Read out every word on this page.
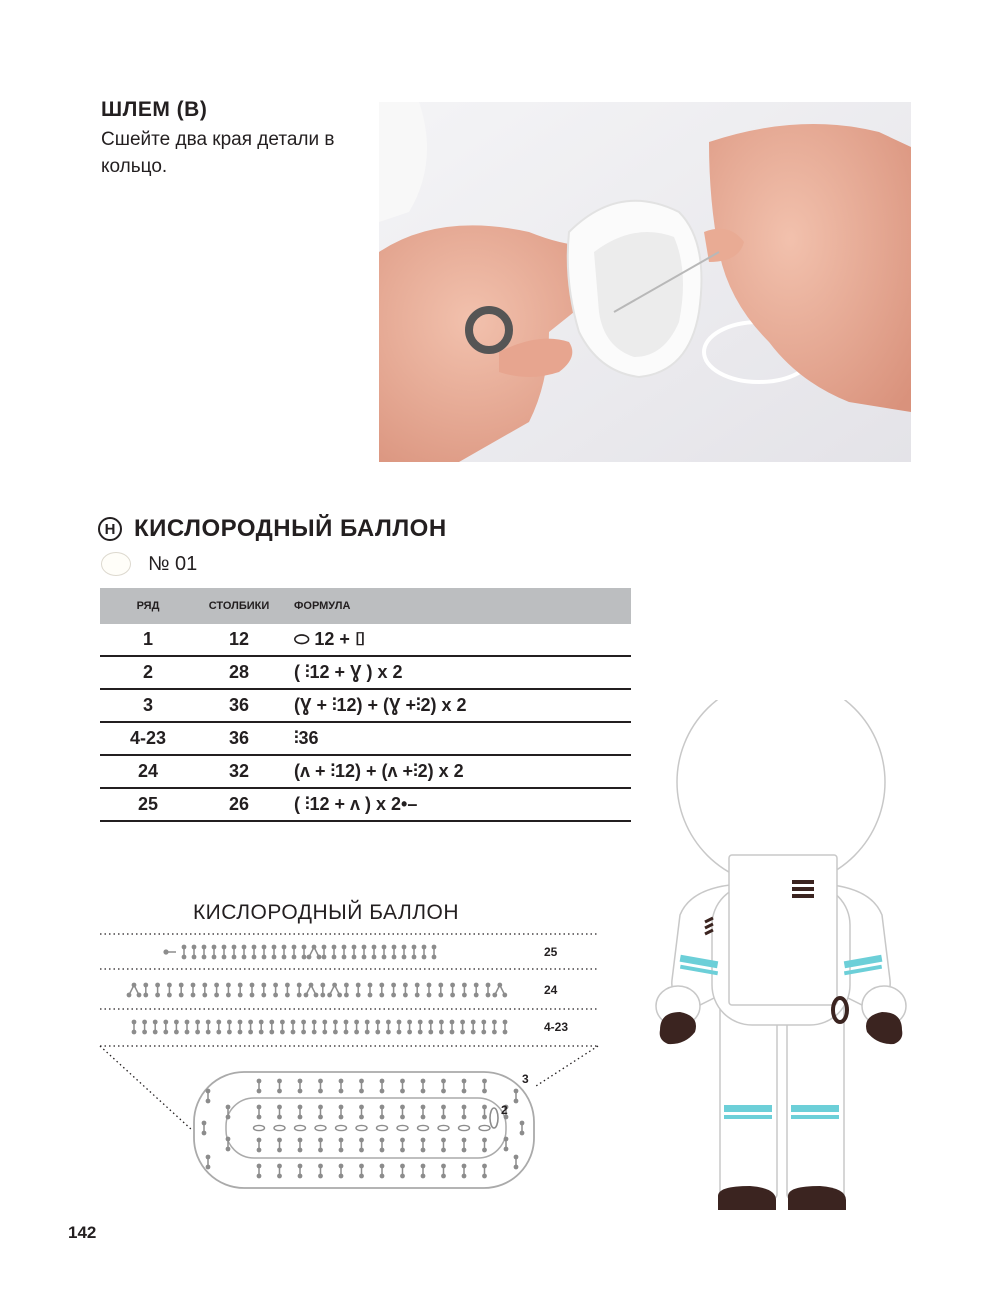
ШЛЕМ (B)
Сшейте два края детали в кольцо.
H КИСЛОРОДНЫЙ БАЛЛОН
№ 01
РЯД	СТОЛБИКИ	ФОРМУЛА
1	12	⬭ 12 + ⌷
2	28	( ⫶12 + Ɣ ) x 2
3	36	(Ɣ + ⫶12) + (Ɣ +⫶2) x 2
4-23	36	⫶36
24	32	(ʌ + ⫶12) + (ʌ +⫶2) x 2
25	26	( ⫶12 + ʌ ) x 2•–
КИСЛОРОДНЫЙ БАЛЛОН
25
24
4-23
3
2
142
